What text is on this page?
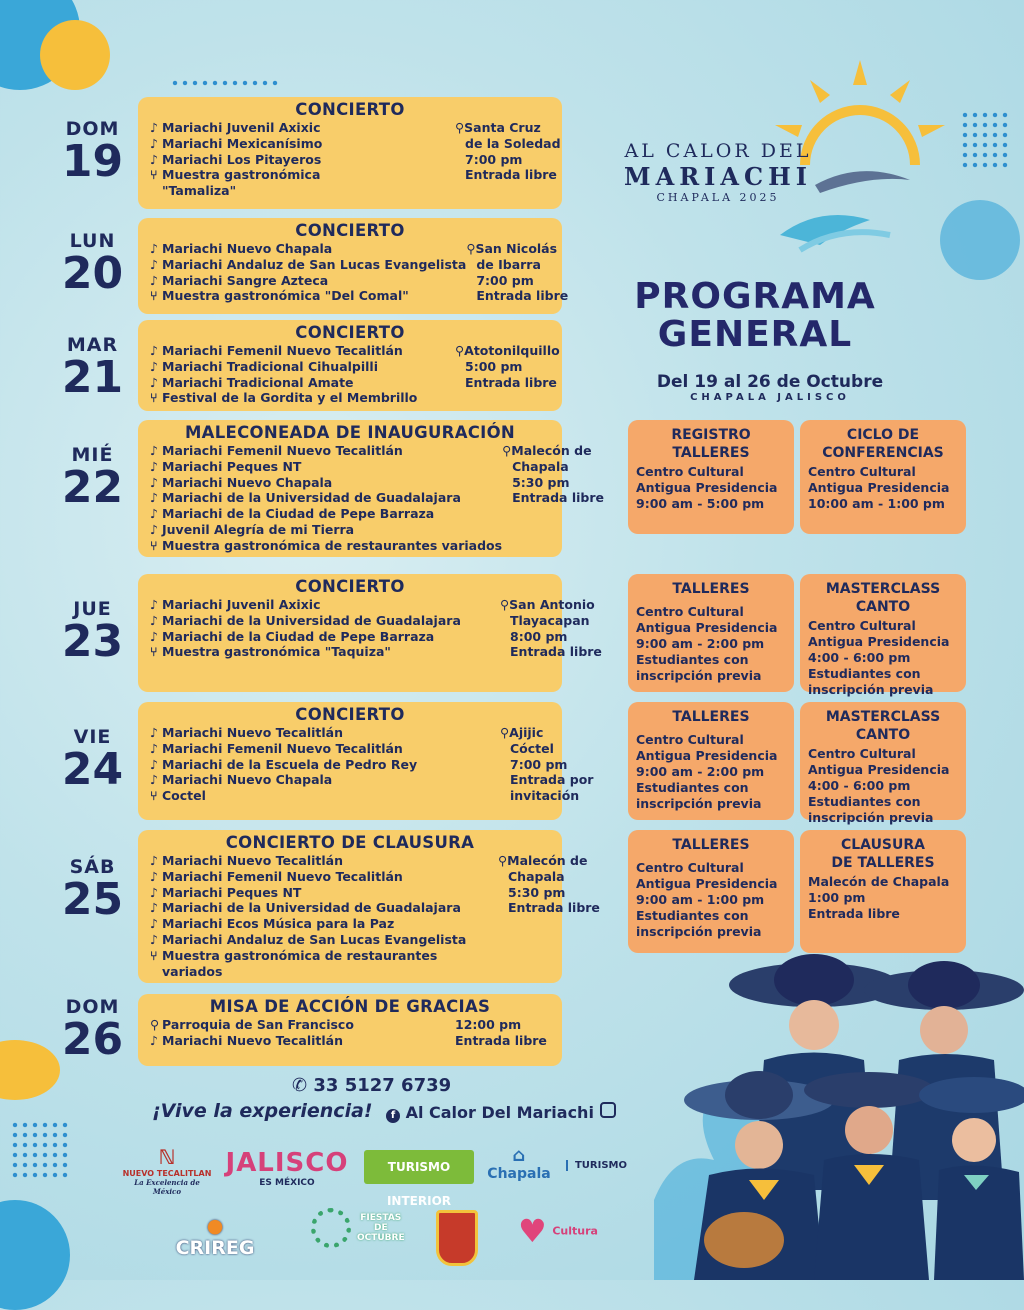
AL CALOR DEL
MARIACHI
CHAPALA 2025
PROGRAMA
GENERAL
Del 19 al 26 de Octubre
CHAPALA JALISCO
DOM
19
LUN
20
MAR
21
MIÉ
22
JUE
23
VIE
24
SÁB
25
DOM
26
CONCIERTO
♪ Mariachi Juvenil Axixic
♪ Mariachi Mexicanísimo
♪ Mariachi Los Pitayeros
⑂ Muestra gastronómica
"Tamaliza"
⚲Santa Cruz
de la Soledad
7:00 pm
Entrada libre
CONCIERTO
♪ Mariachi Nuevo Chapala
♪ Mariachi Andaluz de San Lucas Evangelista
♪ Mariachi Sangre Azteca
⑂ Muestra gastronómica "Del Comal"
⚲San Nicolás
de Ibarra
7:00 pm
Entrada libre
CONCIERTO
♪ Mariachi Femenil Nuevo Tecalitlán
♪ Mariachi Tradicional Cihualpilli
♪ Mariachi Tradicional Amate
⑂ Festival de la Gordita y el Membrillo
⚲Atotonilquillo
5:00 pm
Entrada libre
MALECONEADA DE INAUGURACIÓN
♪ Mariachi Femenil Nuevo Tecalitlán
♪ Mariachi Peques NT
♪ Mariachi Nuevo Chapala
♪ Mariachi de la Universidad de Guadalajara
♪ Mariachi de la Ciudad de Pepe Barraza
♪ Juvenil Alegría de mi Tierra
⑂ Muestra gastronómica de restaurantes variados
⚲Malecón de
Chapala
5:30 pm
Entrada libre
CONCIERTO
♪ Mariachi Juvenil Axixic
♪ Mariachi de la Universidad de Guadalajara
♪ Mariachi de la Ciudad de Pepe Barraza
⑂ Muestra gastronómica "Taquiza"
⚲San Antonio
Tlayacapan
8:00 pm
Entrada libre
CONCIERTO
♪ Mariachi Nuevo Tecalitlán
♪ Mariachi Femenil Nuevo Tecalitlán
♪ Mariachi de la Escuela de Pedro Rey
♪ Mariachi Nuevo Chapala
⑂ Coctel
⚲Ajijic
Cóctel
7:00 pm
Entrada por
invitación
CONCIERTO DE CLAUSURA
♪ Mariachi Nuevo Tecalitlán
♪ Mariachi Femenil Nuevo Tecalitlán
♪ Mariachi Peques NT
♪ Mariachi de la Universidad de Guadalajara
♪ Mariachi Ecos Música para la Paz
♪ Mariachi Andaluz de San Lucas Evangelista
⑂ Muestra gastronómica de restaurantes
variados
⚲Malecón de
Chapala
5:30 pm
Entrada libre
MISA DE ACCIÓN DE GRACIAS
⚲ Parroquia de San Francisco
♪ Mariachi Nuevo Tecalitlán
12:00 pm
Entrada libre
REGISTRO
TALLERES
Centro Cultural
Antigua Presidencia
9:00 am - 5:00 pm
CICLO DE
CONFERENCIAS
Centro Cultural
Antigua Presidencia
10:00 am - 1:00 pm
TALLERES
Centro Cultural
Antigua Presidencia
9:00 am - 2:00 pm
Estudiantes con
inscripción previa
MASTERCLASS
CANTO
Centro Cultural
Antigua Presidencia
4:00 - 6:00 pm
Estudiantes con
inscripción previa
TALLERES
Centro Cultural
Antigua Presidencia
9:00 am - 2:00 pm
Estudiantes con
inscripción previa
MASTERCLASS
CANTO
Centro Cultural
Antigua Presidencia
4:00 - 6:00 pm
Estudiantes con
inscripción previa
TALLERES
Centro Cultural
Antigua Presidencia
9:00 am - 1:00 pm
Estudiantes con
inscripción previa
CLAUSURA
DE TALLERES
Malecón de Chapala
1:00 pm
Entrada libre
✆ 33 5127 6739
¡Vive la experiencia!	f Al Calor Del Mariachi
ℕ
NUEVO TECALITLAN
La Excelencia de México
JALISCO
ES MÉXICO
TURISMO INTERIOR
⌂
Chapala
TURISMO
● CRIREG
FIESTAS DE OCTUBRE	♥ Cultura
